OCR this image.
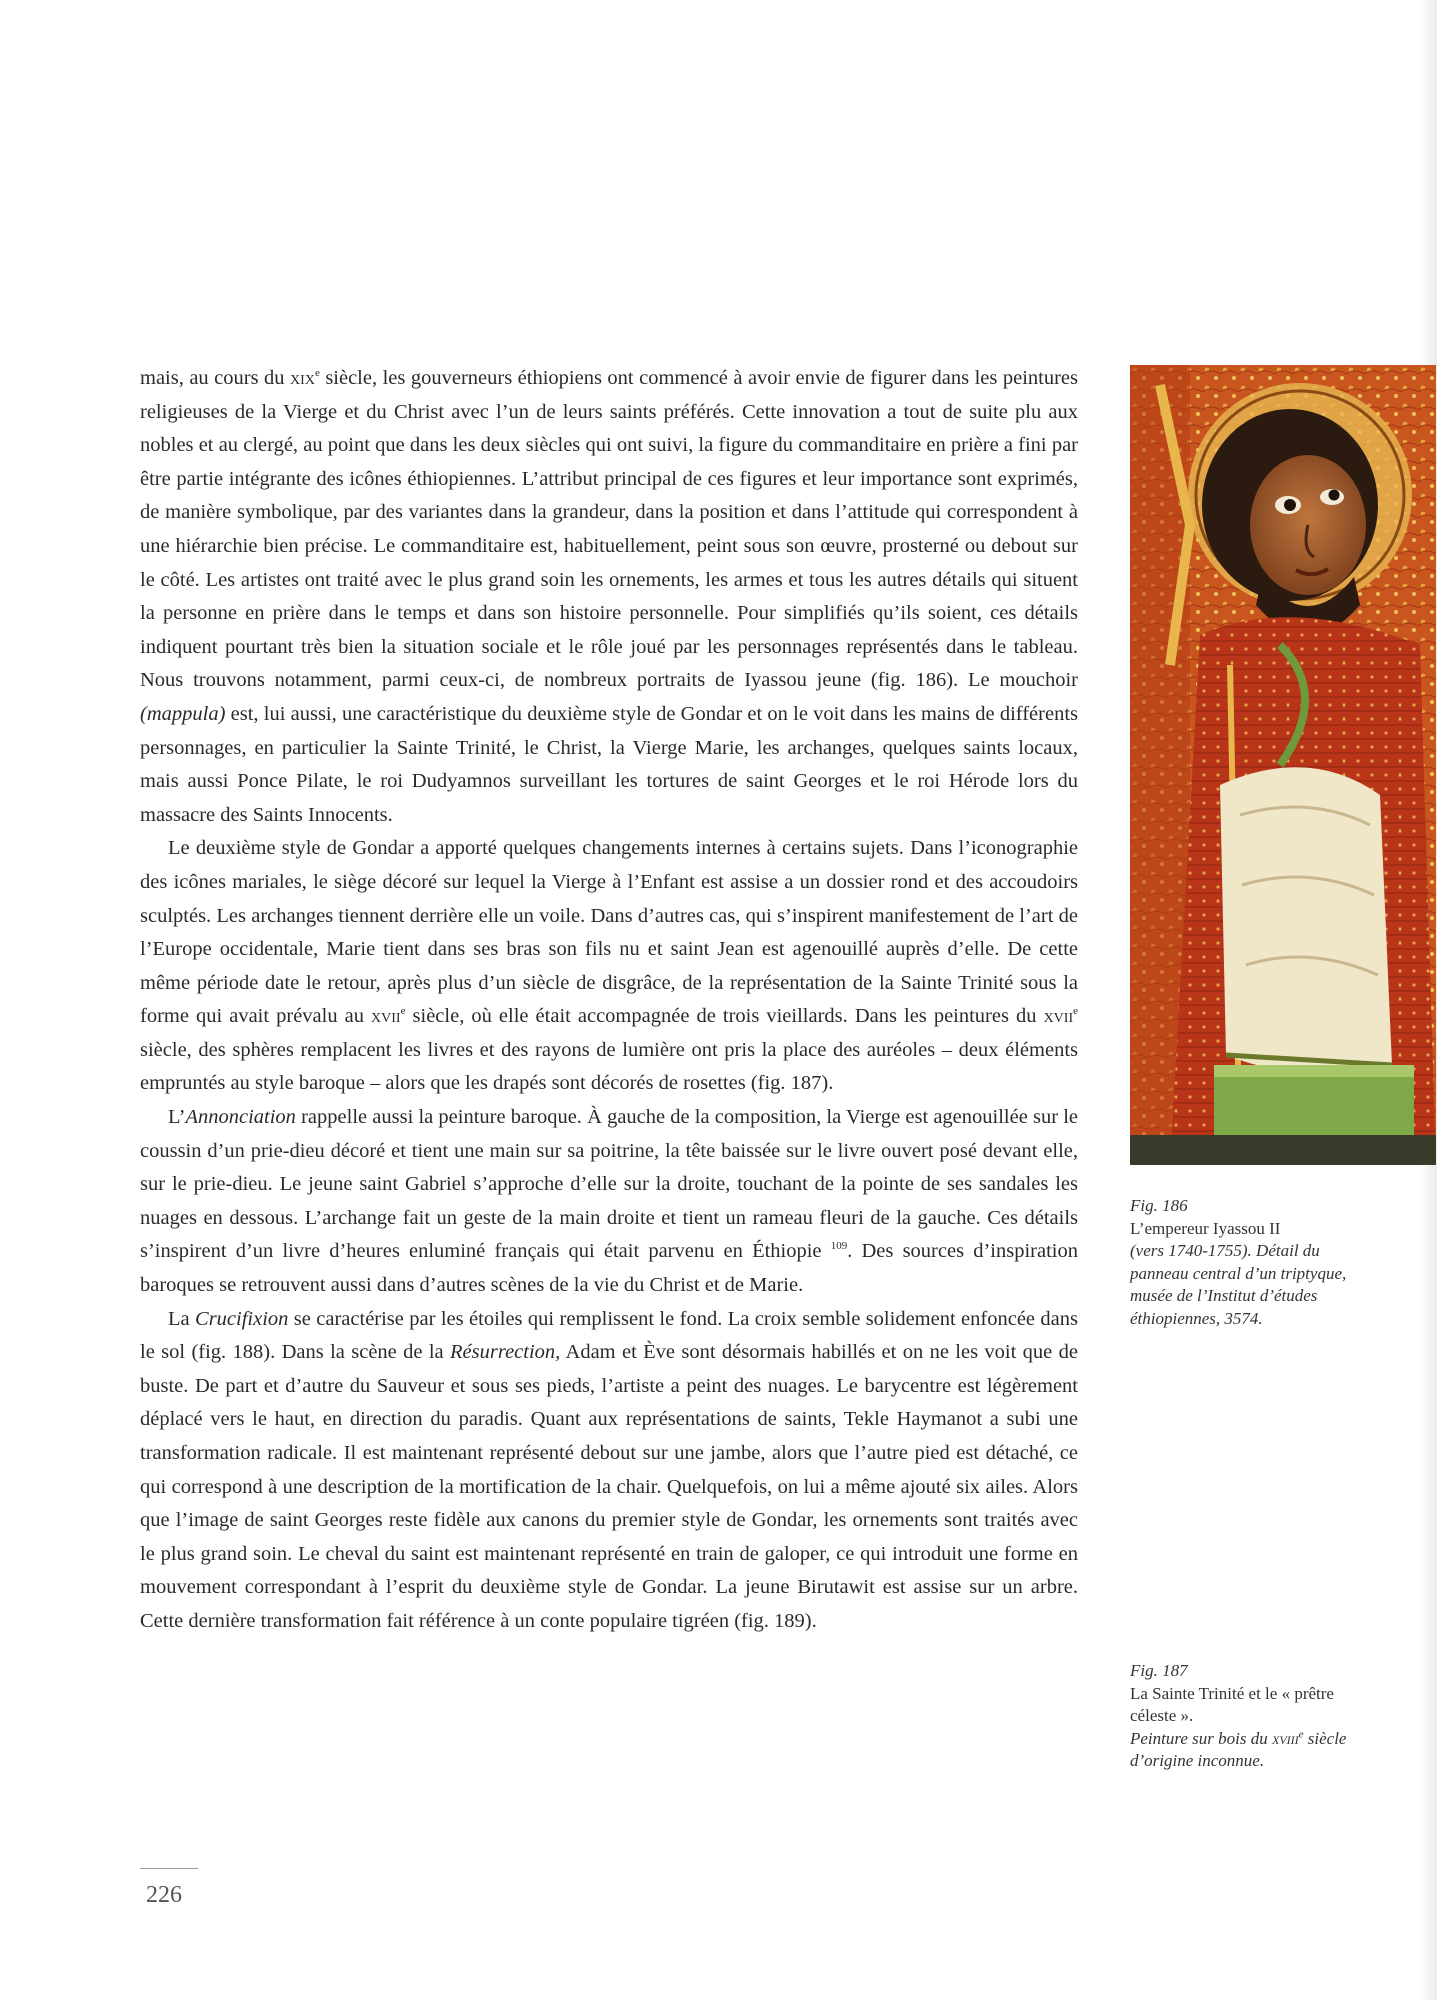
mais, au cours du xix$^e$ siècle, les gouverneurs éthiopiens ont commencé à avoir envie de figurer dans les peintures religieuses de la Vierge et du Christ avec l’un de leurs saints préférés. Cette innovation a tout de suite plu aux nobles et au clergé, au point que dans les deux siècles qui ont suivi, la figure du commanditaire en prière a fini par être partie intégrante des icônes éthiopiennes. L’attribut principal de ces figures et leur importance sont exprimés, de manière symbolique, par des variantes dans la grandeur, dans la position et dans l’attitude qui correspondent à une hiérarchie bien précise. Le commanditaire est, habituellement, peint sous son œuvre, prosterné ou debout sur le côté. Les artistes ont traité avec le plus grand soin les ornements, les armes et tous les autres détails qui situent la personne en prière dans le temps et dans son histoire personnelle. Pour simplifiés qu’ils soient, ces détails indiquent pourtant très bien la situation sociale et le rôle joué par les personnages représentés dans le tableau. Nous trouvons notamment, parmi ceux-ci, de nombreux portraits de Iyassou jeune (fig. 186). Le mouchoir (mappula) est, lui aussi, une caractéristique du deuxième style de Gondar et on le voit dans les mains de différents personnages, en particulier la Sainte Trinité, le Christ, la Vierge Marie, les archanges, quelques saints locaux, mais aussi Ponce Pilate, le roi Dudyamnos surveillant les tortures de saint Georges et le roi Hérode lors du massacre des Saints Innocents.

Le deuxième style de Gondar a apporté quelques changements internes à certains sujets. Dans l’iconographie des icônes mariales, le siège décoré sur lequel la Vierge à l’Enfant est assise a un dossier rond et des accoudoirs sculptés. Les archanges tiennent derrière elle un voile. Dans d’autres cas, qui s’inspirent manifestement de l’art de l’Europe occidentale, Marie tient dans ses bras son fils nu et saint Jean est agenouillé auprès d’elle. De cette même période date le retour, après plus d’un siècle de disgrâce, de la représentation de la Sainte Trinité sous la forme qui avait prévalu au xvii$^e$ siècle, où elle était accompagnée de trois vieillards. Dans les peintures du xvii$^e$ siècle, des sphères remplacent les livres et des rayons de lumière ont pris la place des auréoles – deux éléments empruntés au style baroque – alors que les drapés sont décorés de rosettes (fig. 187).

L’Annonciation rappelle aussi la peinture baroque. À gauche de la composition, la Vierge est agenouillée sur le coussin d’un prie-dieu décoré et tient une main sur sa poitrine, la tête baissée sur le livre ouvert posé devant elle, sur le prie-dieu. Le jeune saint Gabriel s’approche d’elle sur la droite, touchant de la pointe de ses sandales les nuages en dessous. L’archange fait un geste de la main droite et tient un rameau fleuri de la gauche. Ces détails s’inspirent d’un livre d’heures enluminé français qui était parvenu en Éthiopie $^{109}$. Des sources d’inspiration baroques se retrouvent aussi dans d’autres scènes de la vie du Christ et de Marie.

La Crucifixion se caractérise par les étoiles qui remplissent le fond. La croix semble solidement enfoncée dans le sol (fig. 188). Dans la scène de la Résurrection, Adam et Ève sont désormais habillés et on ne les voit que de buste. De part et d’autre du Sauveur et sous ses pieds, l’artiste a peint des nuages. Le barycentre est légèrement déplacé vers le haut, en direction du paradis. Quant aux représentations de saints, Tekle Haymanot a subi une transformation radicale. Il est maintenant représenté debout sur une jambe, alors que l’autre pied est détaché, ce qui correspond à une description de la mortification de la chair. Quelquefois, on lui a même ajouté six ailes. Alors que l’image de saint Georges reste fidèle aux canons du premier style de Gondar, les ornements sont traités avec le plus grand soin. Le cheval du saint est maintenant représenté en train de galoper, ce qui introduit une forme en mouvement correspondant à l’esprit du deuxième style de Gondar. La jeune Birutawit est assise sur un arbre. Cette dernière transformation fait référence à un conte populaire tigréen (fig. 189).

Fig. 186
L’empereur Iyassou II
(vers 1740-1755). Détail du panneau central d’un triptyque, musée de l’Institut d’études éthiopiennes, 3574.
Fig. 187
La Sainte Trinité et le « prêtre céleste ».
Peinture sur bois du xviii$^e$ siècle d’origine inconnue.
226
